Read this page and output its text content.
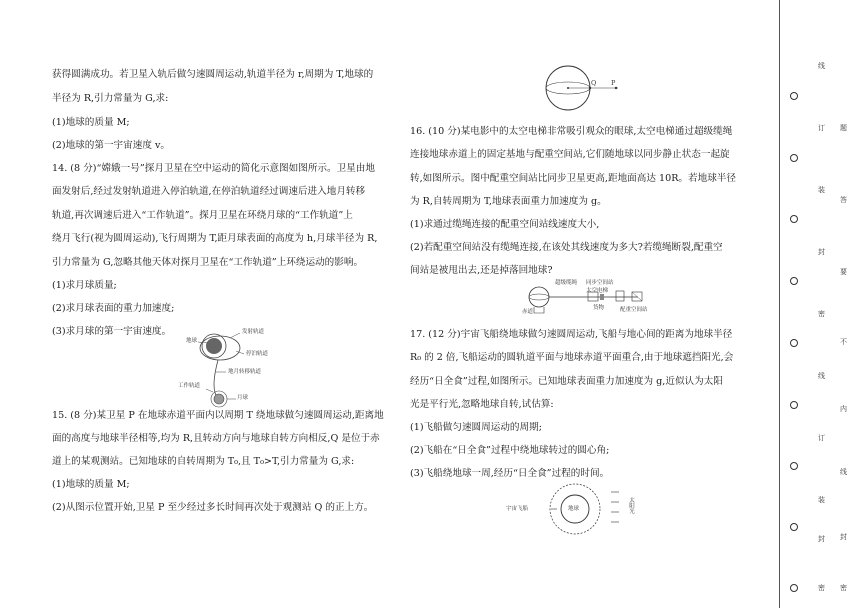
获得圆满成功。若卫星入轨后做匀速圆周运动,轨道半径为 r,周期为 T,地球的
半径为 R,引力常量为 G,求:
(1)地球的质量 M;
(2)地球的第一宇宙速度 v。
14. (8 分)“嫦娥一号”探月卫星在空中运动的简化示意图如图所示。卫星由地
面发射后,经过发射轨道进入停泊轨道,在停泊轨道经过调速后进入地月转移
轨道,再次调速后进入“工作轨道”。探月卫星在环绕月球的“工作轨道”上
绕月飞行(视为圆周运动),飞行周期为 T,距月球表面的高度为 h,月球半径为 R,
引力常量为 G,忽略其他天体对探月卫星在“工作轨道”上环绕运动的影响。
(1)求月球质量;
(2)求月球表面的重力加速度;
(3)求月球的第一宇宙速度。
15. (8 分)某卫星 P 在地球赤道平面内以周期 T 绕地球做匀速圆周运动,距离地
面的高度与地球半径相等,均为 R,且转动方向与地球自转方向相反,Q 是位于赤
道上的某观测站。已知地球的自转周期为 T₀,且 T₀>T,引力常量为 G,求:
(1)地球的质量 M;
(2)从图示位置开始,卫星 P 至少经过多长时间再次处于观测站 Q 的正上方。
地球
发射轨道
停泊轨道
地月转移轨道
工作轨道
月球
Q P
16. (10 分)某电影中的太空电梯非常吸引观众的眼球,太空电梯通过超级缆绳
连接地球赤道上的固定基地与配重空间站,它们随地球以同步静止状态一起旋
转,如图所示。图中配重空间站比同步卫星更高,距地面高达 10R。若地球半径
为 R,自转周期为 T,地球表面重力加速度为 g。
(1)求通过缆绳连接的配重空间站线速度大小,
(2)若配重空间站没有缆绳连接,在该处其线速度为多大?若缆绳断裂,配重空
间站是被甩出去,还是掉落回地球?
17. (12 分)宇宙飞船绕地球做匀速圆周运动,飞船与地心间的距离为地球半径
R₀ 的 2 倍,飞船运动的圆轨道平面与地球赤道平面重合,由于地球遮挡阳光,会
经历“日全食”过程,如图所示。已知地球表面重力加速度为 g,近似认为太阳
光是平行光,忽略地球自转,试估算:
(1)飞船做匀速圆周运动的周期;
(2)飞船在“日全食”过程中绕地球转过的圆心角;
(3)飞船绕地球一周,经历“日全食”过程的时间。
超级缆绳 同步空间站
太空电梯
货物	配重空间站
赤道
宇宙飞船	地球	太阳光
线
订
装
封
密
线
订
装
封
密
题
答
要
不
内
线
封
密
